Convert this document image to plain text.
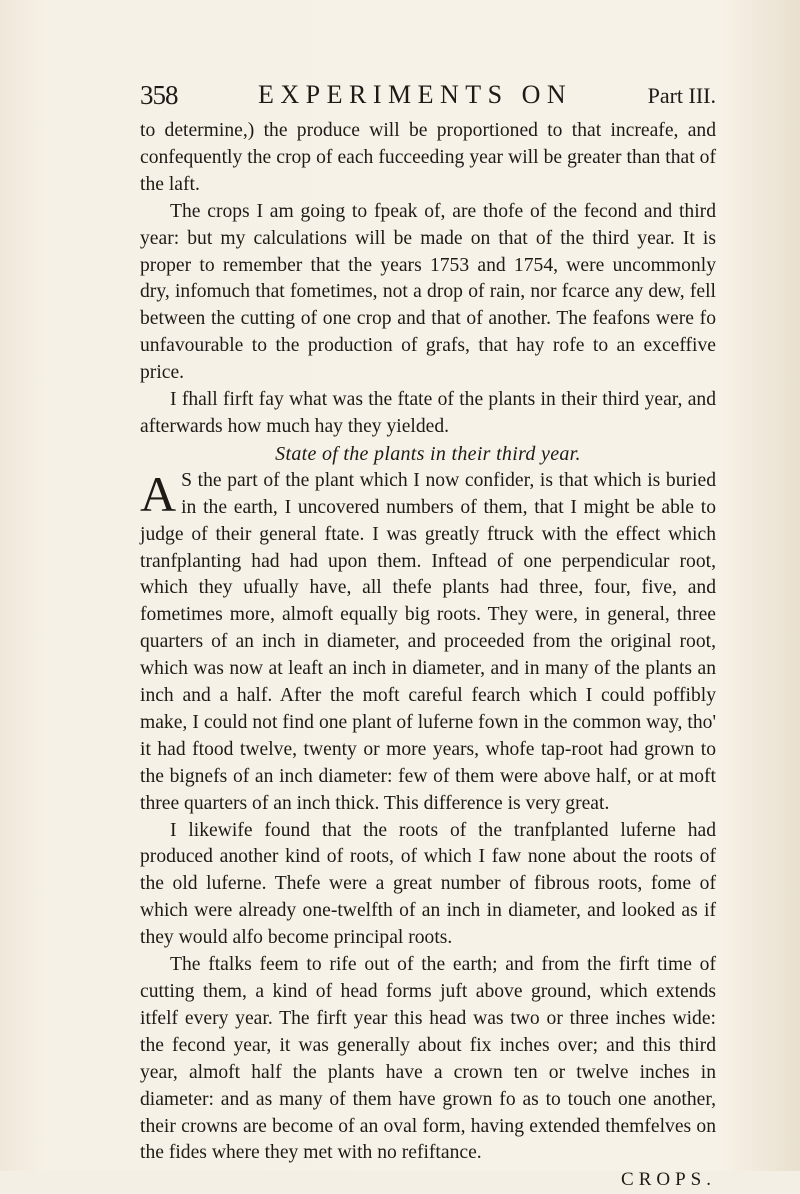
358	EXPERIMENTS ON	Part III.

to determine,) the produce will be proportioned to that increafe, and confequently the crop of each fucceeding year will be greater than that of the laft.

The crops I am going to fpeak of, are thofe of the fecond and third year: but my calculations will be made on that of the third year. It is proper to remember that the years 1753 and 1754, were uncommonly dry, infomuch that fometimes, not a drop of rain, nor fcarce any dew, fell between the cutting of one crop and that of another. The feafons were fo unfavourable to the production of grafs, that hay rofe to an exceffive price.

I fhall firft fay what was the ftate of the plants in their third year, and afterwards how much hay they yielded.

State of the plants in their third year.

A S the part of the plant which I now confider, is that which is buried in the earth, I uncovered numbers of them, that I might be able to judge of their general ftate. I was greatly ftruck with the effect which tranfplanting had had upon them. Inftead of one perpendicular root, which they ufually have, all thefe plants had three, four, five, and fometimes more, almoft equally big roots. They were, in general, three quarters of an inch in diameter, and proceeded from the original root, which was now at leaft an inch in diameter, and in many of the plants an inch and a half. After the moft careful fearch which I could poffibly make, I could not find one plant of luferne fown in the common way, tho' it had ftood twelve, twenty or more years, whofe tap-root had grown to the bignefs of an inch diameter: few of them were above half, or at moft three quarters of an inch thick. This difference is very great.

I likewife found that the roots of the tranfplanted luferne had produced another kind of roots, of which I faw none about the roots of the old luferne. Thefe were a great number of fibrous roots, fome of which were already one-twelfth of an inch in diameter, and looked as if they would alfo become principal roots.

The ftalks feem to rife out of the earth; and from the firft time of cutting them, a kind of head forms juft above ground, which extends itfelf every year. The firft year this head was two or three inches wide: the fecond year, it was generally about fix inches over; and this third year, almoft half the plants have a crown ten or twelve inches in diameter: and as many of them have grown fo as to touch one another, their crowns are become of an oval form, having extended themfelves on the fides where they met with no refiftance.

CROPS.
